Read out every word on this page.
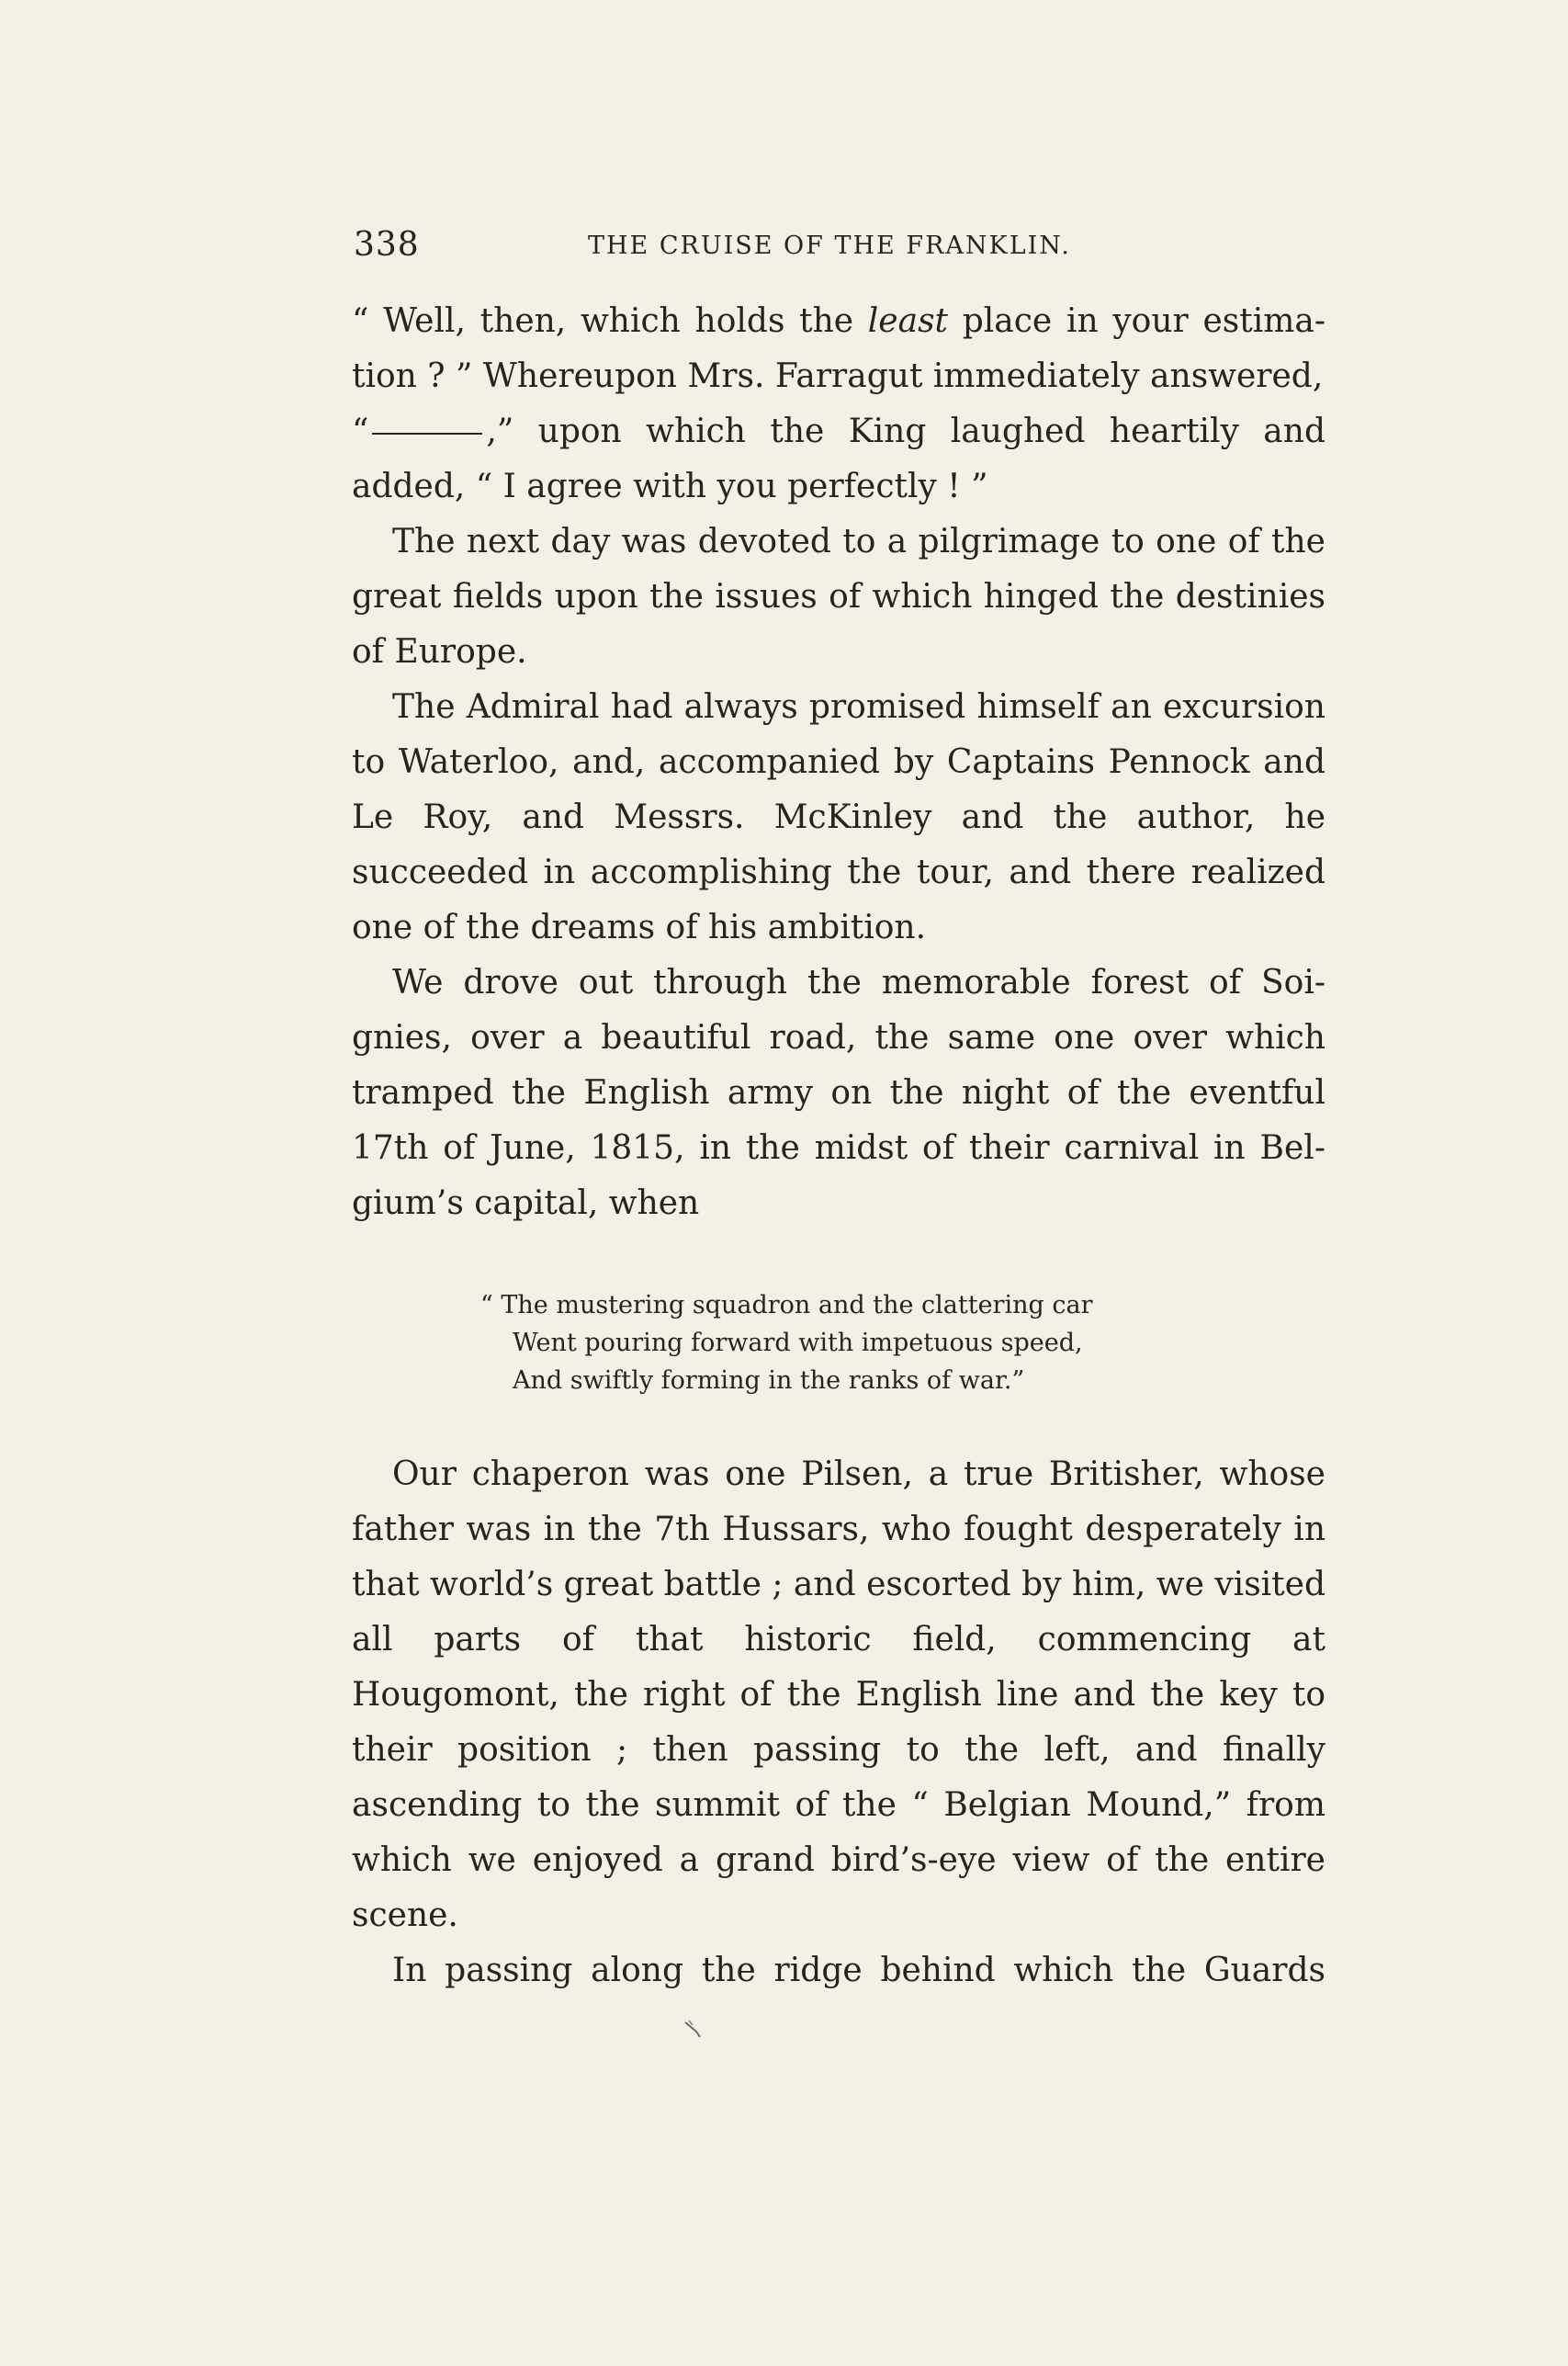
338	THE CRUISE OF THE FRANKLIN.

“ Well, then, which holds the least place in your estimation ? ” Whereupon Mrs. Farragut immediately answered,

“	,” upon which the King laughed heartily and added, “ I agree with you perfectly ! ”

The next day was devoted to a pilgrimage to one of the great fields upon the issues of which hinged the destinies of Europe.

The Admiral had always promised himself an excursion to Waterloo, and, accompanied by Captains Pennock and Le Roy, and Messrs. McKinley and the author, he succeeded in accomplishing the tour, and there realized one of the dreams of his ambition.

We drove out through the memorable forest of Soignies, over a beautiful road, the same one over which tramped the English army on the night of the eventful 17th of June, 1815, in the midst of their carnival in Belgium’s capital, when

“ The mustering squadron and the clattering car
Went pouring forward with impetuous speed,
And swiftly forming in the ranks of war.”

Our chaperon was one Pilsen, a true Britisher, whose father was in the 7th Hussars, who fought desperately in that world’s great battle ; and escorted by him, we visited all parts of that historic field, commencing at Hougomont, the right of the English line and the key to their position ; then passing to the left, and finally ascending to the summit of the “ Belgian Mound,” from which we enjoyed a grand bird’s-eye view of the entire scene.

In passing along the ridge behind which the Guards
